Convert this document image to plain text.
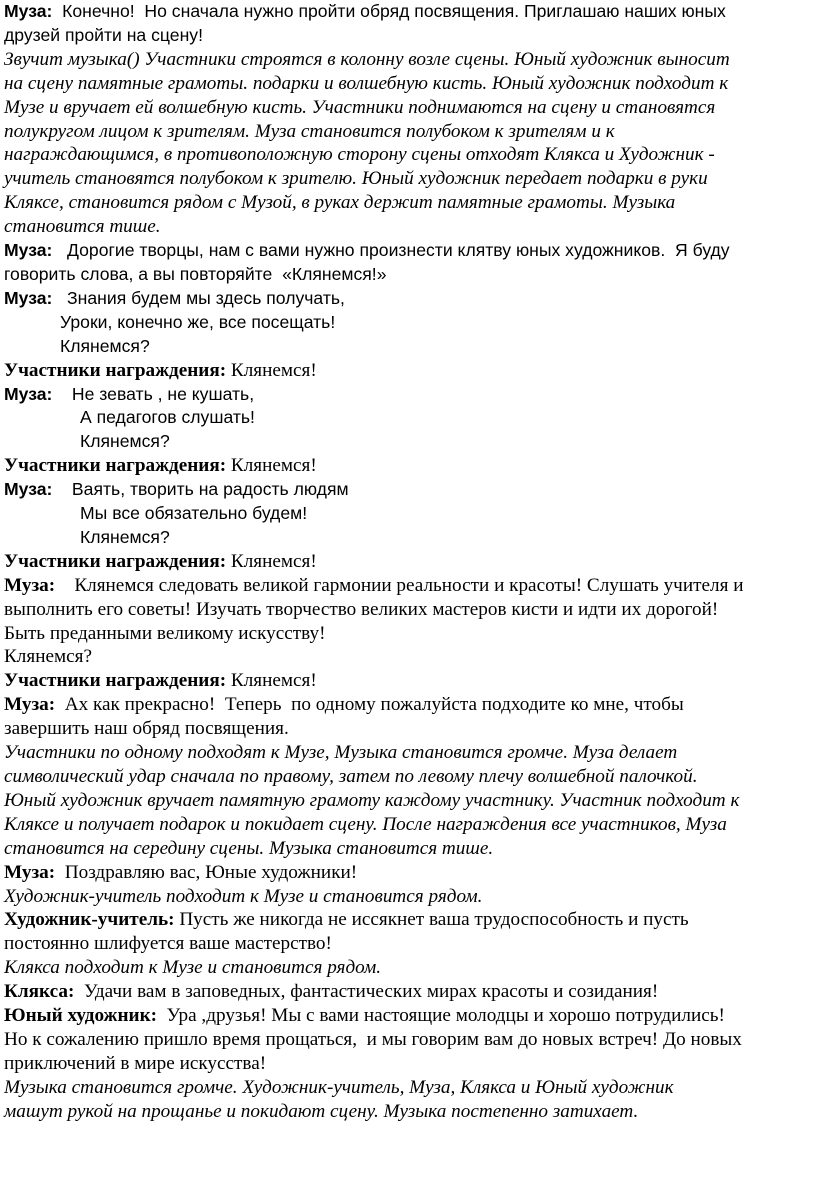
Муза:  Конечно!  Но сначала нужно пройти обряд посвящения. Приглашаю наших юных
друзей пройти на сцену!
Звучит музыка() Участники строятся в колонну возле сцены. Юный художник выносит
на сцену памятные грамоты. подарки и волшебную кисть. Юный художник подходит к
Музе и вручает ей волшебную кисть. Участники поднимаются на сцену и становятся
полукругом лицом к зрителям. Муза становится полубоком к зрителям и к
награждающимся, в противоположную сторону сцены отходят Клякса и Художник -
учитель становятся полубоком к зрителю. Юный художник передает подарки в руки
Кляксе, становится рядом с Музой, в руках держит памятные грамоты. Музыка
становится тише.
Муза:   Дорогие творцы, нам с вами нужно произнести клятву юных художников.  Я буду
говорить слова, а вы повторяйте  «Клянемся!»
Муза:   Знания будем мы здесь получать,
Уроки, конечно же, все посещать!
Клянемся?
Участники награждения: Клянемся!
Муза:    Не зевать , не кушать,
А педагогов слушать!
Клянемся?
Участники награждения: Клянемся!
Муза:    Ваять, творить на радость людям
Мы все обязательно будем!
Клянемся?
Участники награждения: Клянемся!
Муза:    Клянемся следовать великой гармонии реальности и красоты! Слушать учителя и
выполнить его советы! Изучать творчество великих мастеров кисти и идти их дорогой!
Быть преданными великому искусству!
Клянемся?
Участники награждения: Клянемся!
Муза:  Ах как прекрасно!  Теперь  по одному пожалуйста подходите ко мне, чтобы
завершить наш обряд посвящения.
Участники по одному подходят к Музе, Музыка становится громче. Муза делает
символический удар сначала по правому, затем по левому плечу волшебной палочкой.
Юный художник вручает памятную грамоту каждому участнику. Участник подходит к
Кляксе и получает подарок и покидает сцену. После награждения все участников, Муза
становится на середину сцены. Музыка становится тише.
Муза:  Поздравляю вас, Юные художники!
Художник-учитель подходит к Музе и становится рядом.
Художник-учитель: Пусть же никогда не иссякнет ваша трудоспособность и пусть
постоянно шлифуется ваше мастерство!
Клякса подходит к Музе и становится рядом.
Клякса:  Удачи вам в заповедных, фантастических мирах красоты и созидания!
Юный художник:  Ура ,друзья! Мы с вами настоящие молодцы и хорошо потрудились!
Но к сожалению пришло время прощаться,  и мы говорим вам до новых встреч! До новых
приключений в мире искусства!
Музыка становится громче. Художник-учитель, Муза, Клякса и Юный художник
машут рукой на прощанье и покидают сцену. Музыка постепенно затихает.
